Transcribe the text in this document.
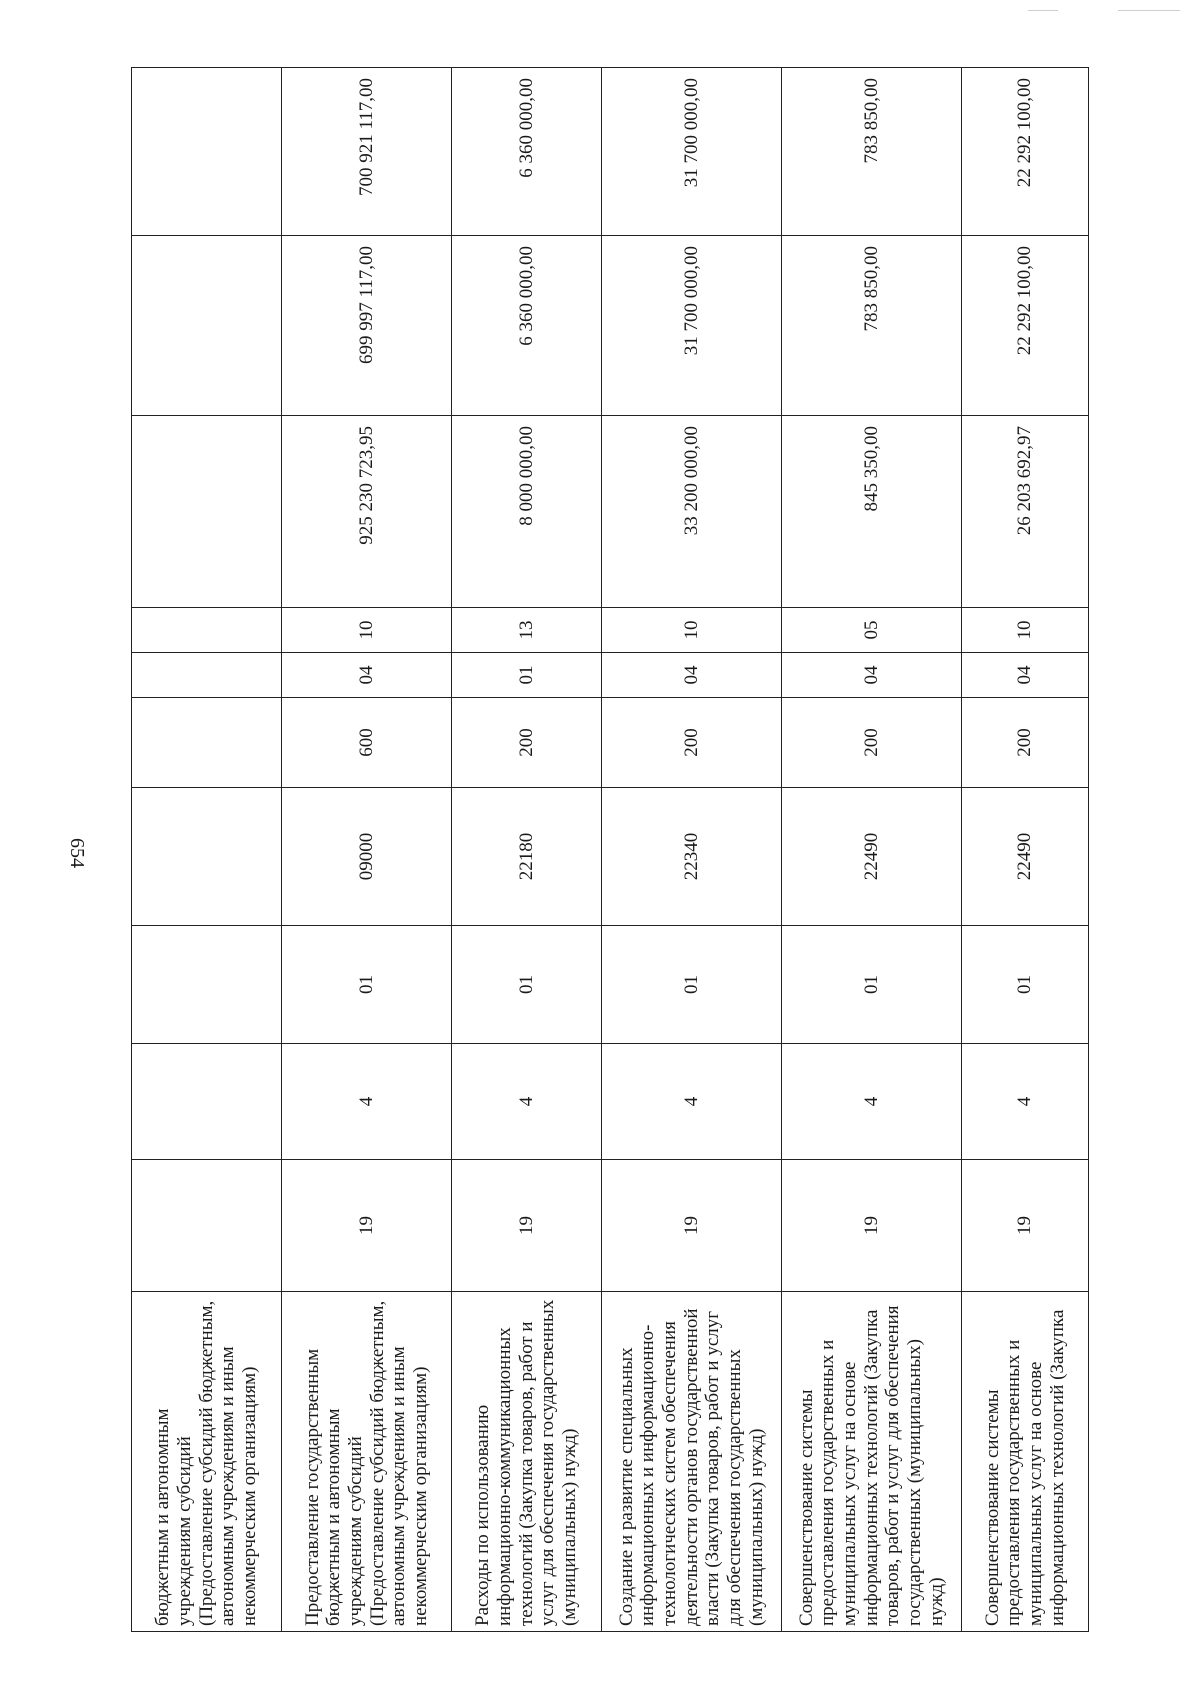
654
бюджетным и автономным учреждениям субсидий (Предоставление субсидий бюджетным, автономным учреждениям и иным некоммерческим организациям)										
Предоставление государственным бюджетным и автономным учреждениям субсидий (Предоставление субсидий бюджетным, автономным учреждениям и иным некоммерческим организациям)	19	4	01	09000	600	04	10	925 230 723,95	699 997 117,00	700 921 117,00
Расходы по использованию информационно-коммуникационных технологий (Закупка товаров, работ и услуг для обеспечения государственных (муниципальных) нужд)	19	4	01	22180	200	01	13	8 000 000,00	6 360 000,00	6 360 000,00
Создание и развитие специальных информационных и информационно-технологических систем обеспечения деятельности органов государственной власти (Закупка товаров, работ и услуг для обеспечения государственных (муниципальных) нужд)	19	4	01	22340	200	04	10	33 200 000,00	31 700 000,00	31 700 000,00
Совершенствование системы предоставления государственных и муниципальных услуг на основе информационных технологий (Закупка товаров, работ и услуг для обеспечения государственных (муниципальных) нужд)	19	4	01	22490	200	04	05	845 350,00	783 850,00	783 850,00
Совершенствование системы предоставления государственных и муниципальных услуг на основе информационных технологий (Закупка	19	4	01	22490	200	04	10	26 203 692,97	22 292 100,00	22 292 100,00
